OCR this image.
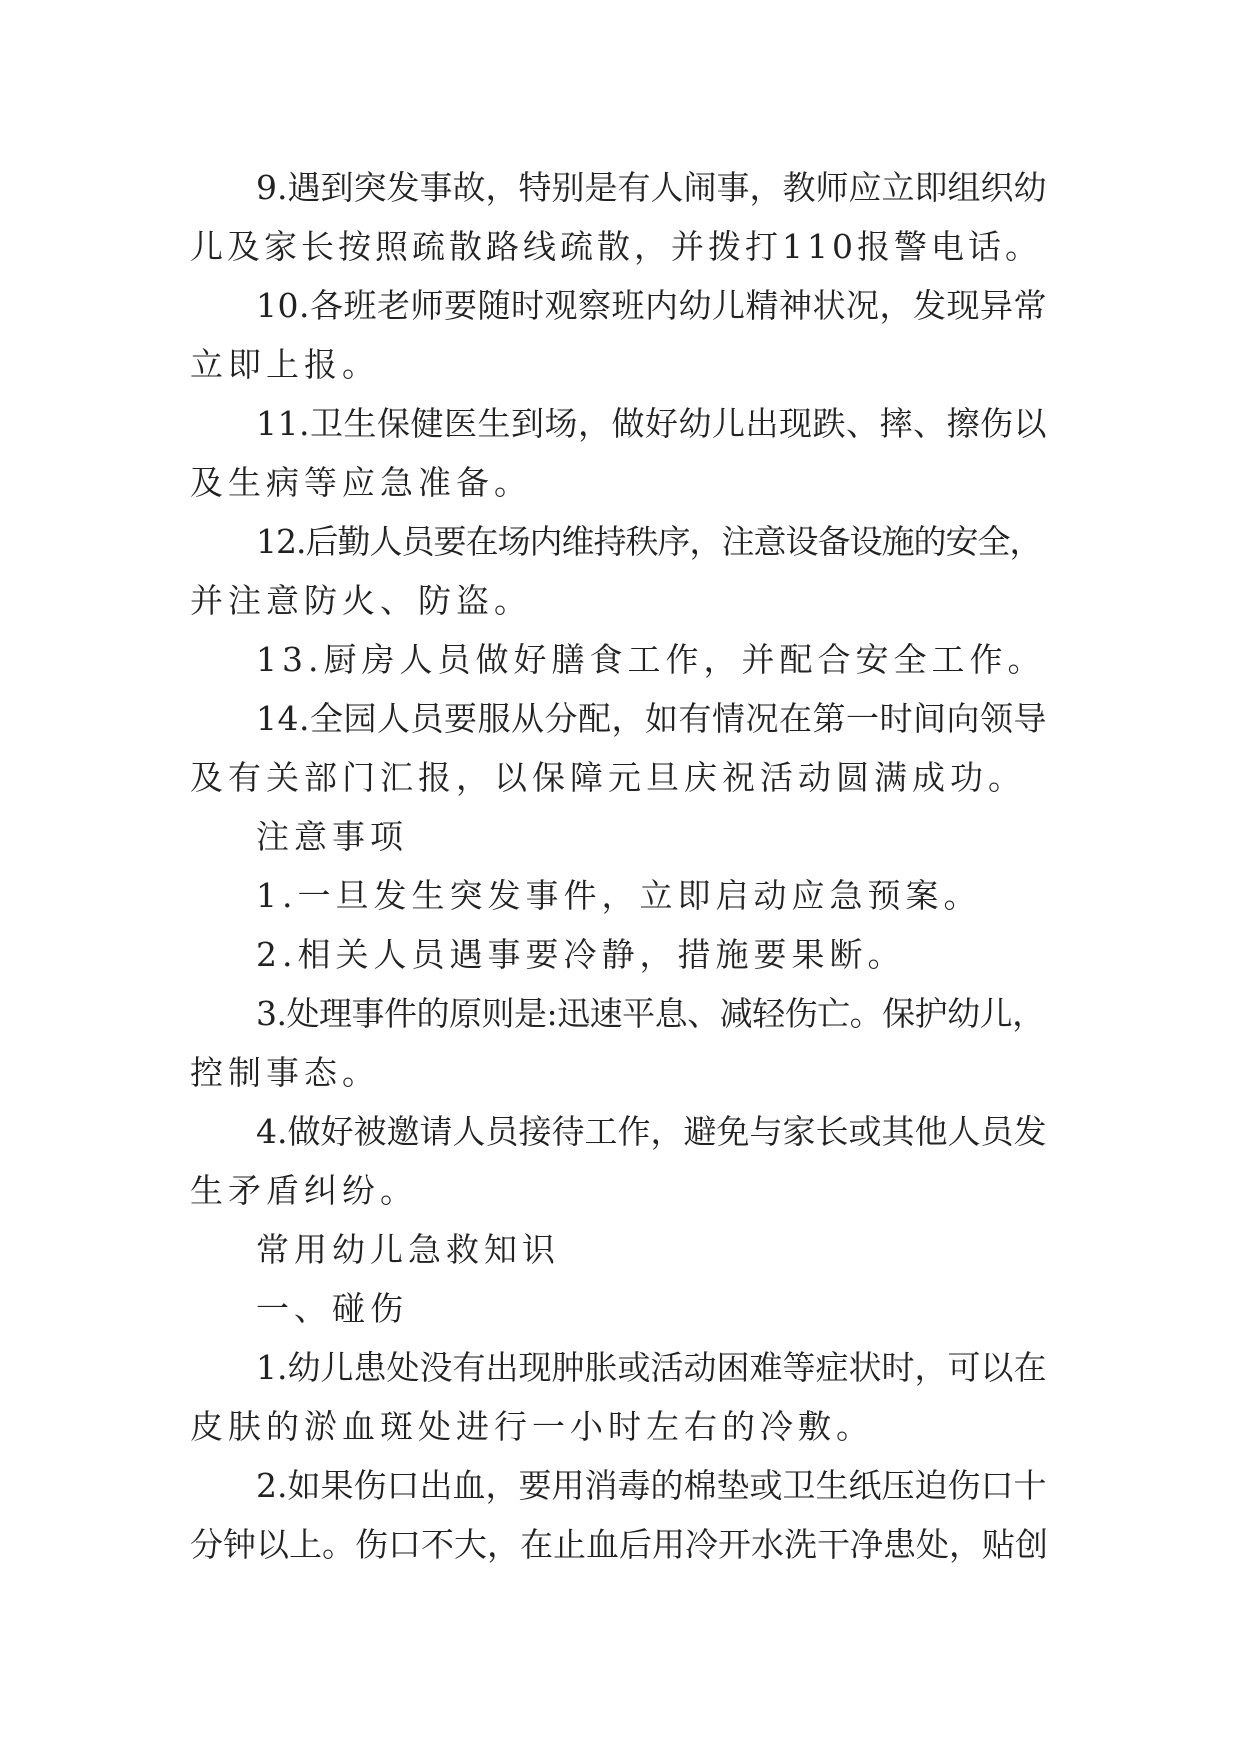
9.遇到突发事故，特别是有人闹事，教师应立即组织幼
儿及家长按照疏散路线疏散，并拨打110报警电话。
10.各班老师要随时观察班内幼儿精神状况，发现异常
立即上报。
11.卫生保健医生到场，做好幼儿出现跌、摔、擦伤以
及生病等应急准备。
12.后勤人员要在场内维持秩序，注意设备设施的安全，
并注意防火、防盗。
13.厨房人员做好膳食工作，并配合安全工作。
14.全园人员要服从分配，如有情况在第一时间向领导
及有关部门汇报，以保障元旦庆祝活动圆满成功。
注意事项
1.一旦发生突发事件，立即启动应急预案。
2.相关人员遇事要冷静，措施要果断。
3.处理事件的原则是:迅速平息、减轻伤亡。保护幼儿，
控制事态。
4.做好被邀请人员接待工作，避免与家长或其他人员发
生矛盾纠纷。
常用幼儿急救知识
一、碰伤
1.幼儿患处没有出现肿胀或活动困难等症状时，可以在
皮肤的淤血斑处进行一小时左右的冷敷。
2.如果伤口出血，要用消毒的棉垫或卫生纸压迫伤口十
分钟以上。伤口不大，在止血后用冷开水洗干净患处，贴创
